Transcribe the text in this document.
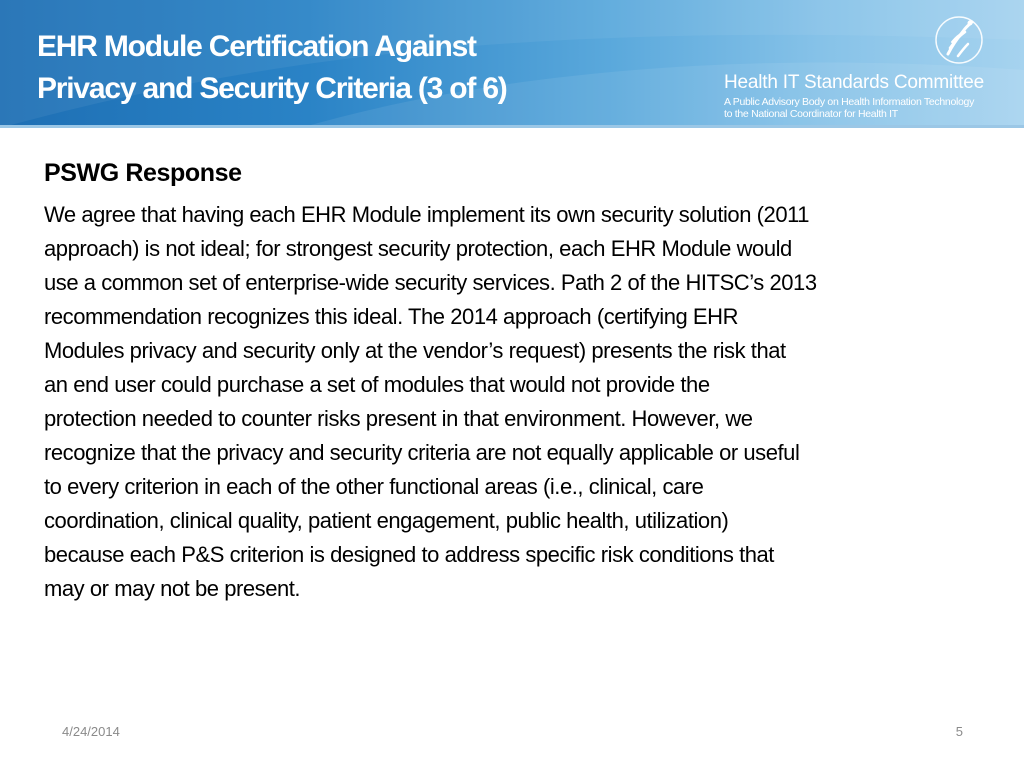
EHR Module Certification Against
Privacy and Security Criteria (3 of 6)	Health IT Standards Committee
A Public Advisory Body on Health Information Technology
to the National Coordinator for Health IT
PSWG Response

We agree that having each EHR Module implement its own security solution (2011
approach) is not ideal; for strongest security protection, each EHR Module would
use a common set of enterprise-wide security services. Path 2 of the HITSC’s 2013
recommendation recognizes this ideal. The 2014 approach (certifying EHR
Modules privacy and security only at the vendor’s request) presents the risk that
an end user could purchase a set of modules that would not provide the
protection needed to counter risks present in that environment. However, we
recognize that the privacy and security criteria are not equally applicable or useful
to every criterion in each of the other functional areas (i.e., clinical, care
coordination, clinical quality, patient engagement, public health, utilization)
because each P&S criterion is designed to address specific risk conditions that
may or may not be present.

4/24/2014	5
